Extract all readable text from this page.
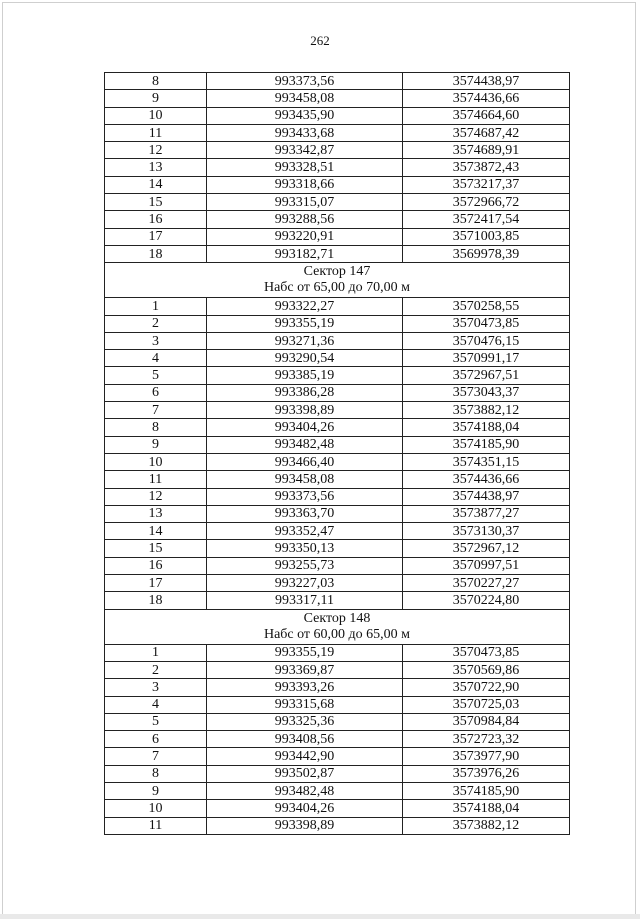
262
8	993373,56	3574438,97
9	993458,08	3574436,66
10	993435,90	3574664,60
11	993433,68	3574687,42
12	993342,87	3574689,91
13	993328,51	3573872,43
14	993318,66	3573217,37
15	993315,07	3572966,72
16	993288,56	3572417,54
17	993220,91	3571003,85
18	993182,71	3569978,39

Сектор 147
Набс от 65,00 до 70,00 м		

1	993322,27	3570258,55
2	993355,19	3570473,85
3	993271,36	3570476,15
4	993290,54	3570991,17
5	993385,19	3572967,51
6	993386,28	3573043,37
7	993398,89	3573882,12
8	993404,26	3574188,04
9	993482,48	3574185,90
10	993466,40	3574351,15
11	993458,08	3574436,66
12	993373,56	3574438,97
13	993363,70	3573877,27
14	993352,47	3573130,37
15	993350,13	3572967,12
16	993255,73	3570997,51
17	993227,03	3570227,27
18	993317,11	3570224,80

Сектор 148
Набс от 60,00 до 65,00 м		

1	993355,19	3570473,85
2	993369,87	3570569,86
3	993393,26	3570722,90
4	993315,68	3570725,03
5	993325,36	3570984,84
6	993408,56	3572723,32
7	993442,90	3573977,90
8	993502,87	3573976,26
9	993482,48	3574185,90
10	993404,26	3574188,04
11	993398,89	3573882,12
